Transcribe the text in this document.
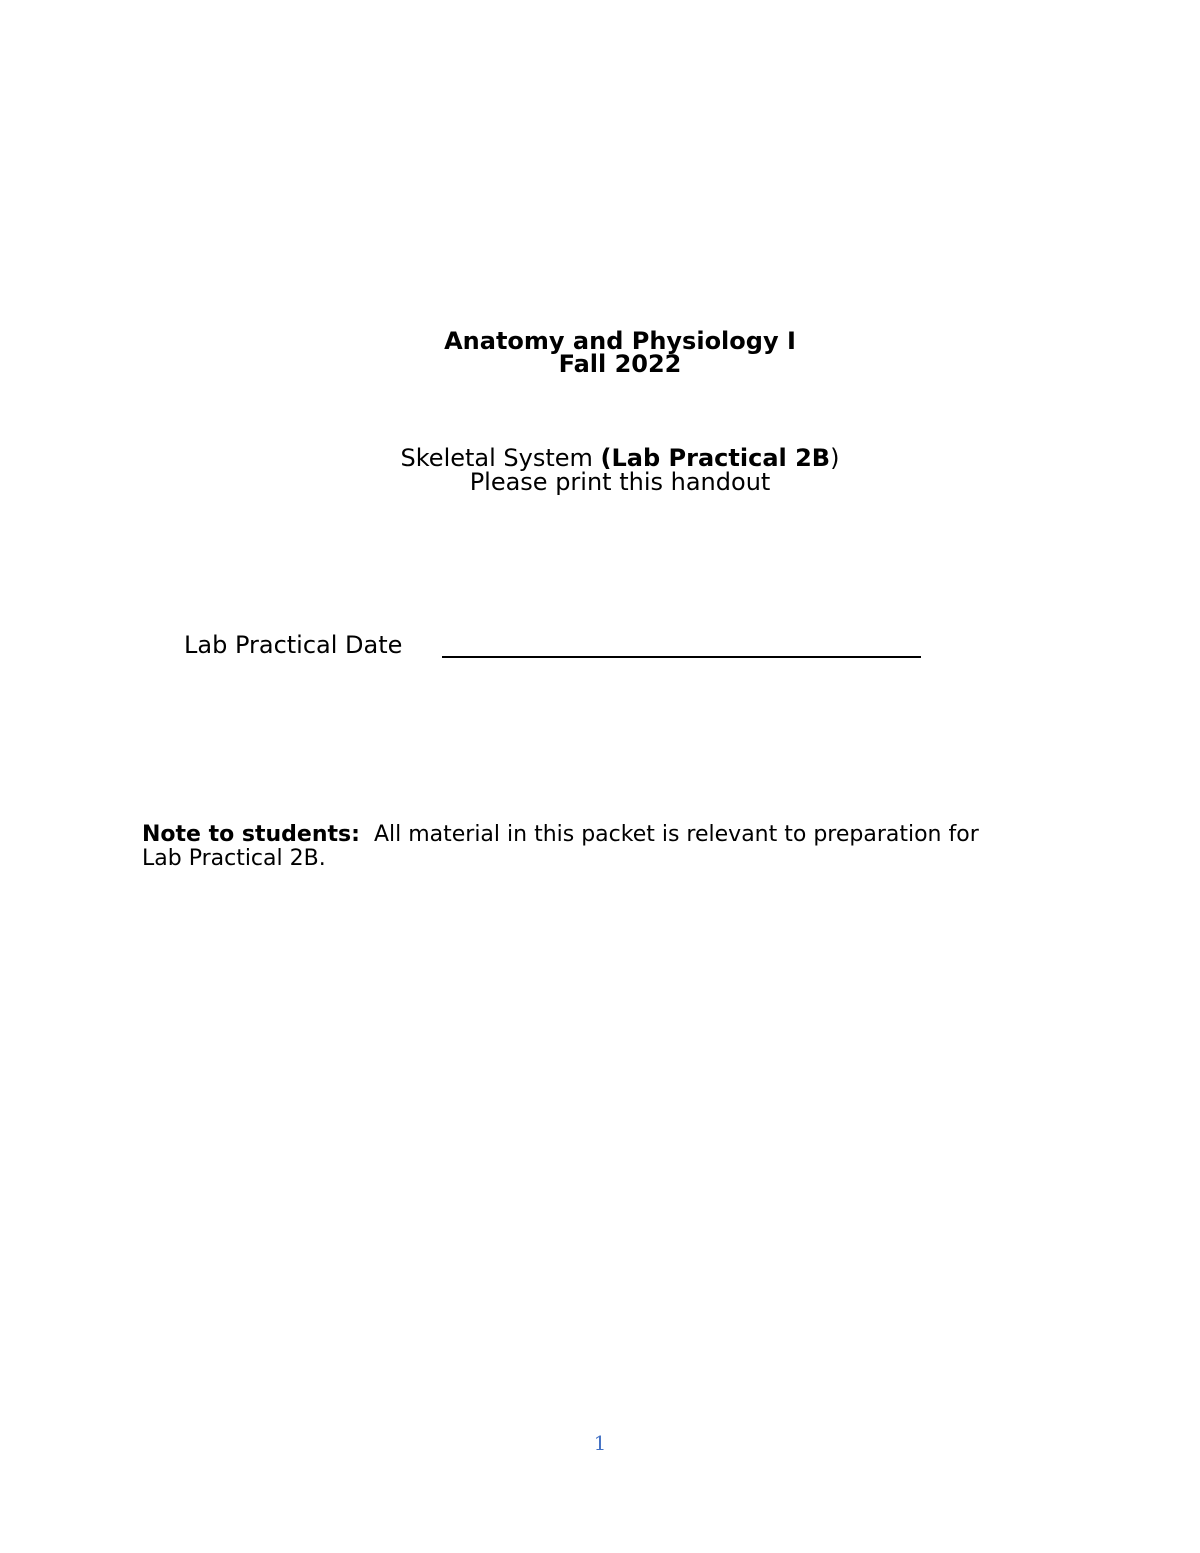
Anatomy and Physiology I
Fall 2022
Skeletal System (Lab Practical 2B)
Please print this handout
Lab Practical Date
Note to students: All material in this packet is relevant to preparation for
Lab Practical 2B.
1
